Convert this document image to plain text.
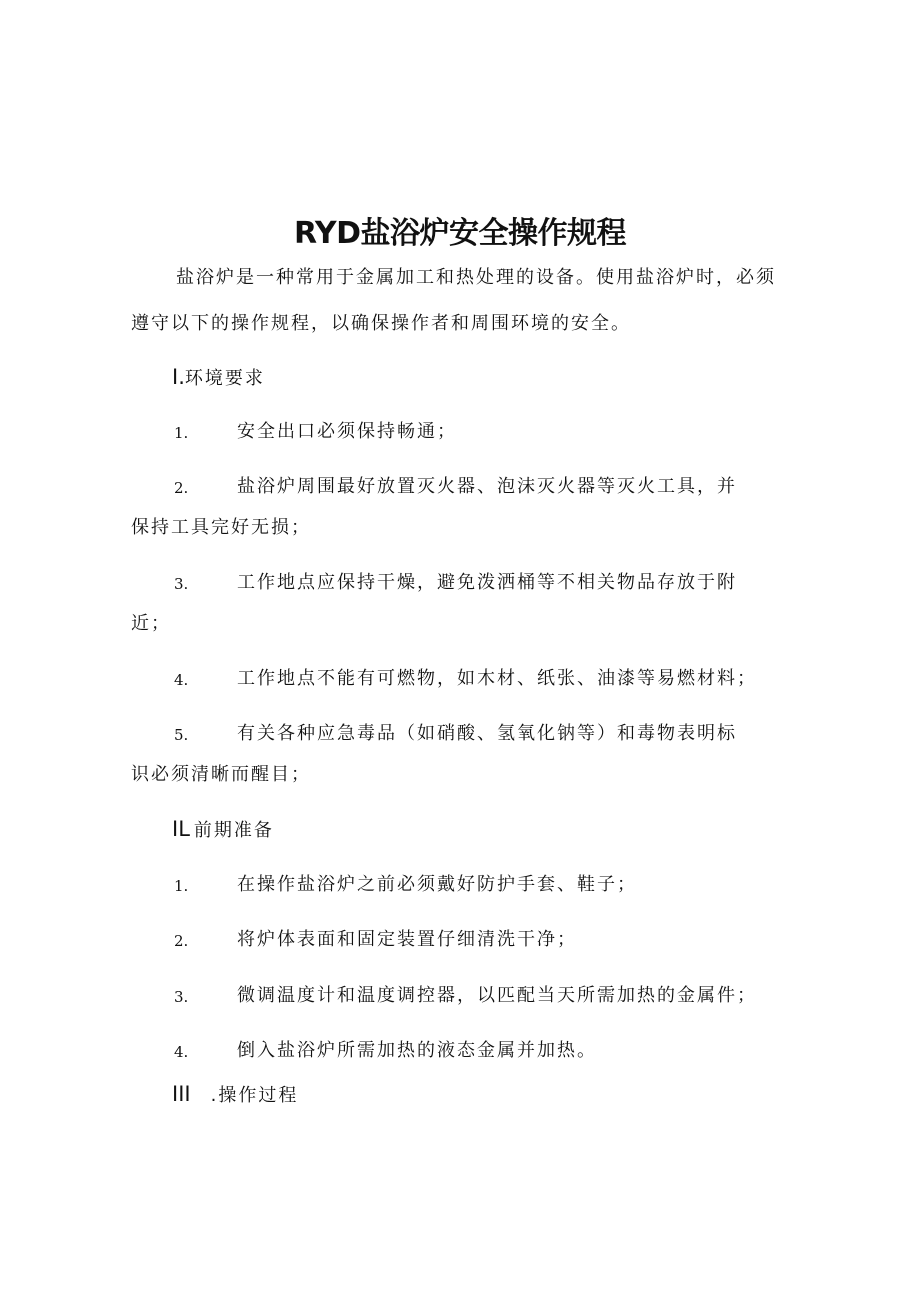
RYD盐浴炉安全操作规程
盐浴炉是一种常用于金属加工和热处理的设备。使用盐浴炉时，必须
遵守以下的操作规程，以确保操作者和周围环境的安全。
I.环境要求
1.	安全出口必须保持畅通；
2.	盐浴炉周围最好放置灭火器、泡沫灭火器等灭火工具，并
保持工具完好无损；
3.	工作地点应保持干燥，避免泼洒桶等不相关物品存放于附
近；
4.	工作地点不能有可燃物，如木材、纸张、油漆等易燃材料；
5.	有关各种应急毒品（如硝酸、氢氧化钠等）和毒物表明标
识必须清晰而醒目；
IL 前期准备
1.	在操作盐浴炉之前必须戴好防护手套、鞋子；
2.	将炉体表面和固定装置仔细清洗干净；
3.	微调温度计和温度调控器，以匹配当天所需加热的金属件；
4.	倒入盐浴炉所需加热的液态金属并加热。
III .操作过程
